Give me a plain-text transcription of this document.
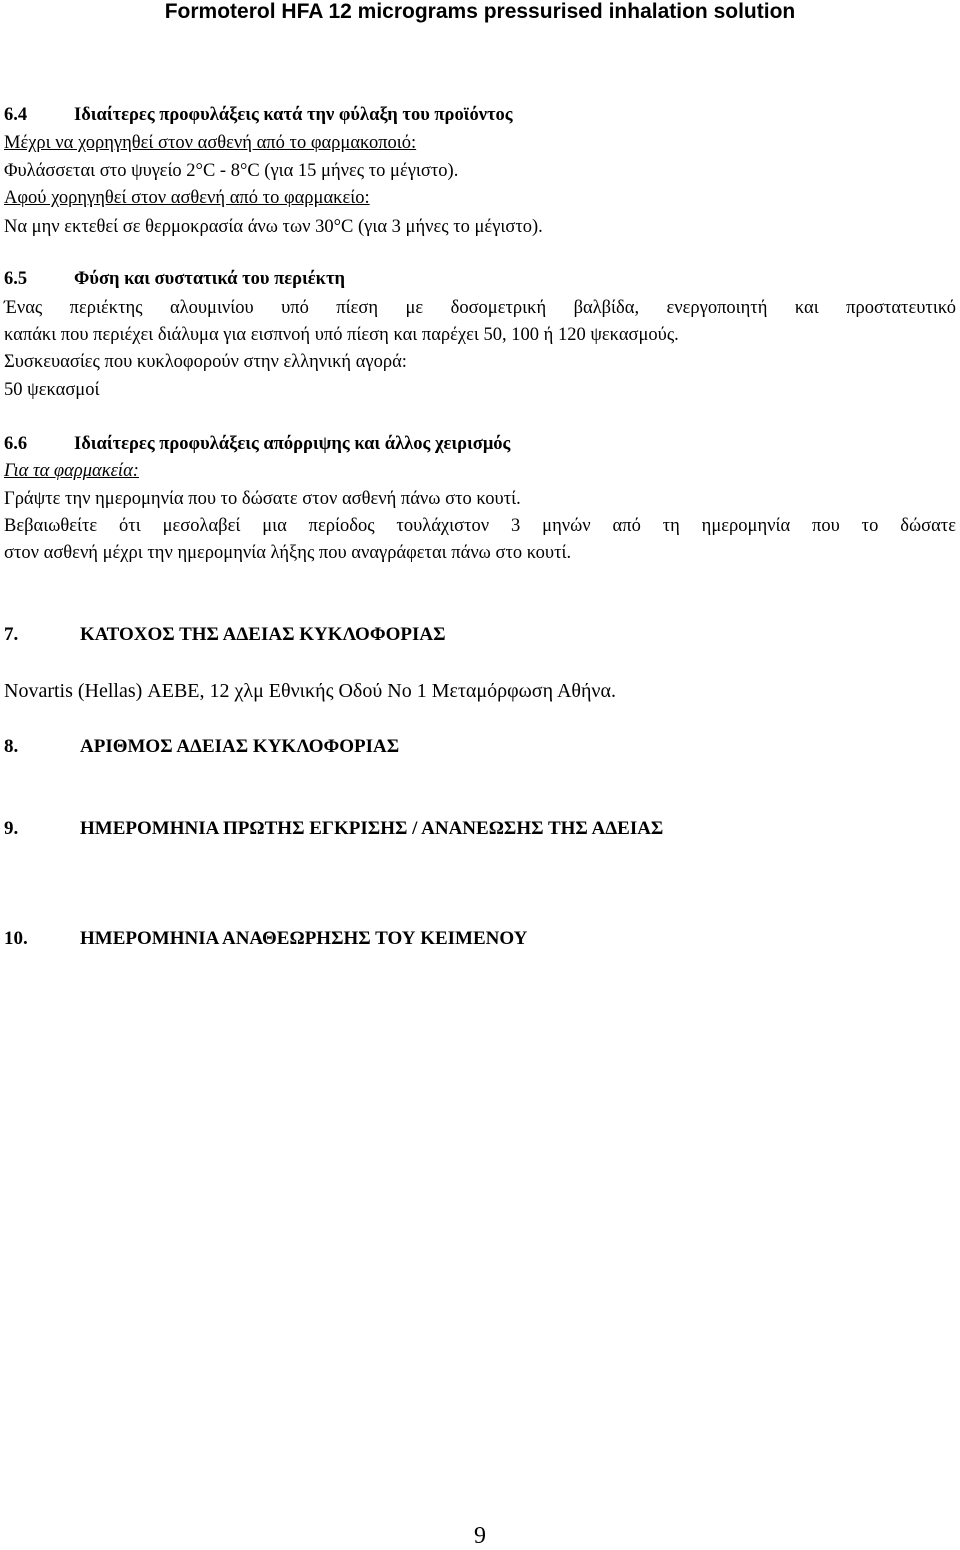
Formoterol HFA 12 micrograms pressurised inhalation solution
6.4	Ιδιαίτερες προφυλάξεις κατά την φύλαξη του προϊόντος
Μέχρι να χορηγηθεί στον ασθενή από το φαρμακοποιό:
Φυλάσσεται στο ψυγείο 2°C - 8°C (για 15 μήνες το μέγιστο).
Αφού χορηγηθεί στον ασθενή από το φαρμακείο:
Να μην εκτεθεί σε θερμοκρασία άνω των 30°C (για 3 μήνες το μέγιστο).
6.5	Φύση και συστατικά του περιέκτη
Ένας περιέκτης αλουμινίου υπό πίεση με δοσομετρική βαλβίδα, ενεργοποιητή και προστατευτικό
καπάκι που περιέχει διάλυμα για εισπνοή υπό πίεση και παρέχει 50, 100 ή 120 ψεκασμούς.
Συσκευασίες που κυκλοφορούν στην ελληνική αγορά:
50 ψεκασμοί
6.6	Ιδιαίτερες προφυλάξεις απόρριψης και άλλος χειρισμός
Για τα φαρμακεία:
Γράψτε την ημερομηνία που το δώσατε στον ασθενή πάνω στο κουτί.
Βεβαιωθείτε ότι μεσολαβεί μια περίοδος τουλάχιστον 3 μηνών από τη ημερομηνία που το δώσατε
στον ασθενή μέχρι την ημερομηνία λήξης που αναγράφεται πάνω στο κουτί.
7.	ΚΑΤΟΧΟΣ ΤΗΣ ΑΔΕΙΑΣ ΚΥΚΛΟΦΟΡΙΑΣ
Novartis (Hellas) ΑΕΒΕ, 12 χλμ Εθνικής Οδού Νο 1 Μεταμόρφωση Αθήνα.
8.	ΑΡΙΘΜΟΣ ΑΔΕΙΑΣ ΚΥΚΛΟΦΟΡΙΑΣ
9.	ΗΜΕΡΟΜΗΝΙΑ ΠΡΩΤΗΣ ΕΓΚΡΙΣΗΣ / ΑΝΑΝΕΩΣΗΣ ΤΗΣ ΑΔΕΙΑΣ
10.	ΗΜΕΡΟΜΗΝΙΑ ΑΝΑΘΕΩΡΗΣΗΣ ΤΟΥ ΚΕΙΜΕΝΟΥ
9
